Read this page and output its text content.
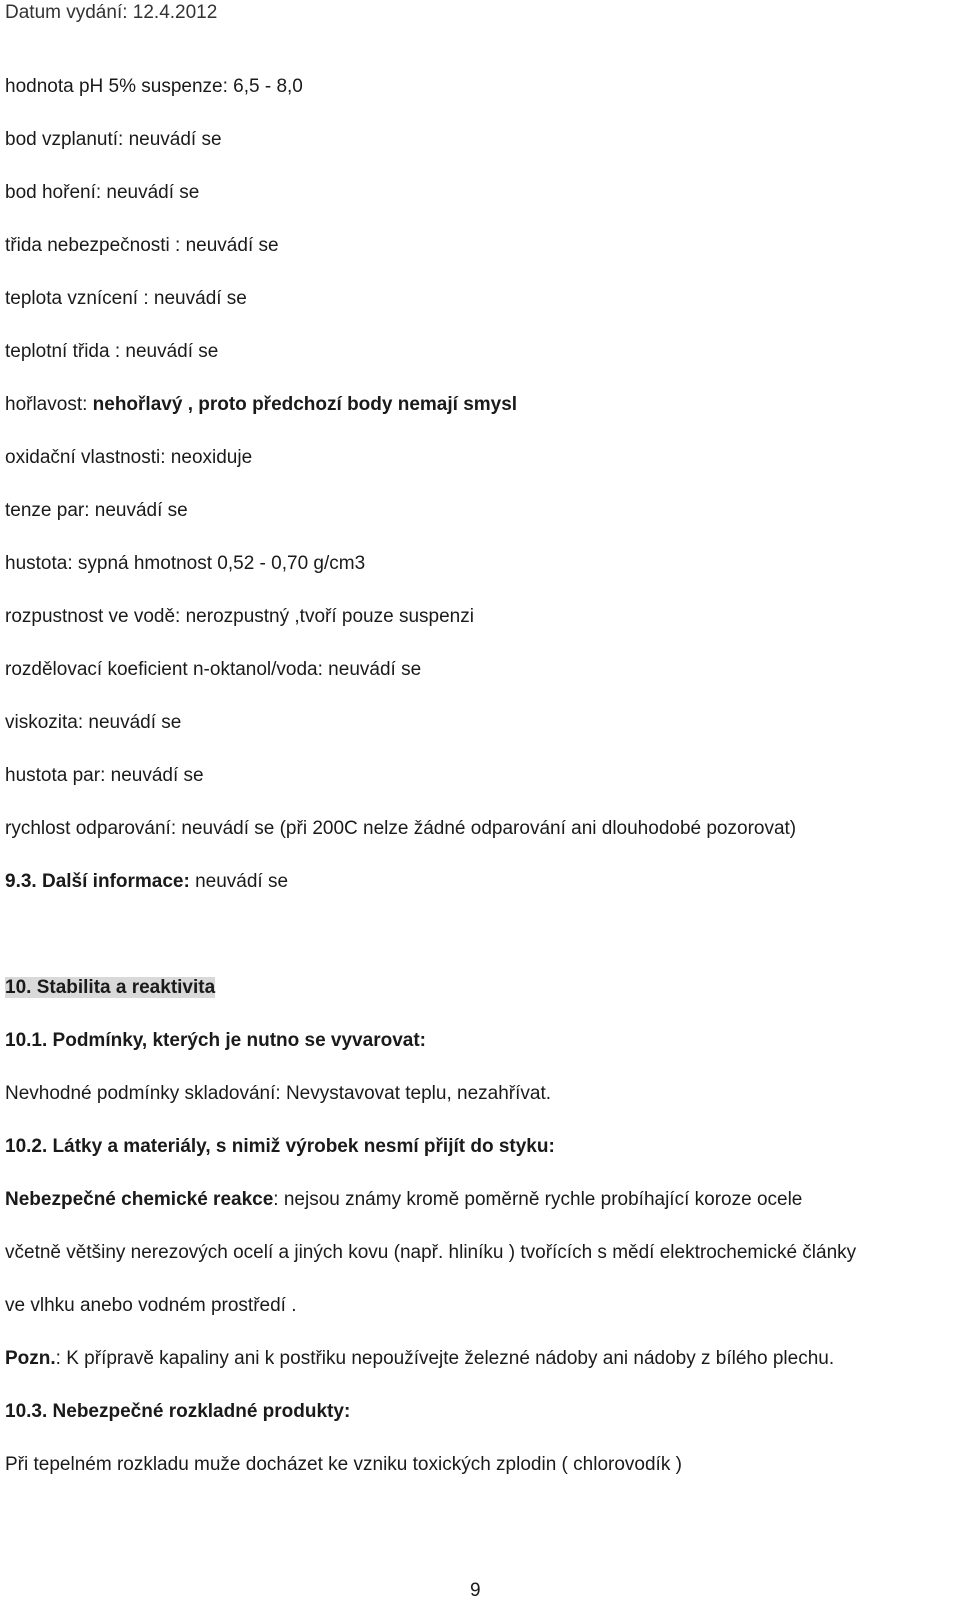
Datum vydání: 12.4.2012
hodnota pH 5% suspenze: 6,5 - 8,0
bod vzplanutí: neuvádí se
bod hoření: neuvádí se
třida nebezpečnosti : neuvádí se
teplota vznícení : neuvádí se
teplotní třida : neuvádí se
hořlavost: nehořlavý , proto předchozí body nemají smysl
oxidační vlastnosti: neoxiduje
tenze par: neuvádí se
hustota: sypná hmotnost 0,52 - 0,70 g/cm3
rozpustnost ve vodě: nerozpustný ,tvoří pouze suspenzi
rozdělovací koeficient n-oktanol/voda: neuvádí se
viskozita: neuvádí se
hustota par: neuvádí se
rychlost odparování: neuvádí se (při 200C nelze žádné odparování ani dlouhodobé pozorovat)
9.3. Další informace: neuvádí se
10. Stabilita a reaktivita
10.1. Podmínky, kterých je nutno se vyvarovat:
Nevhodné podmínky skladování: Nevystavovat teplu, nezahřívat.
10.2. Látky a materiály, s nimiž výrobek nesmí přijít do styku:
Nebezpečné chemické reakce: nejsou známy kromě poměrně rychle probíhající koroze ocele
včetně většiny nerezových ocelí a jiných kovu (např. hliníku ) tvořících s mědí elektrochemické články
ve vlhku anebo vodném prostředí .
Pozn.: K přípravě kapaliny ani k postřiku nepoužívejte železné nádoby ani nádoby z bílého plechu.
10.3. Nebezpečné rozkladné produkty:
Při tepelném rozkladu muže docházet ke vzniku toxických zplodin ( chlorovodík )
9
